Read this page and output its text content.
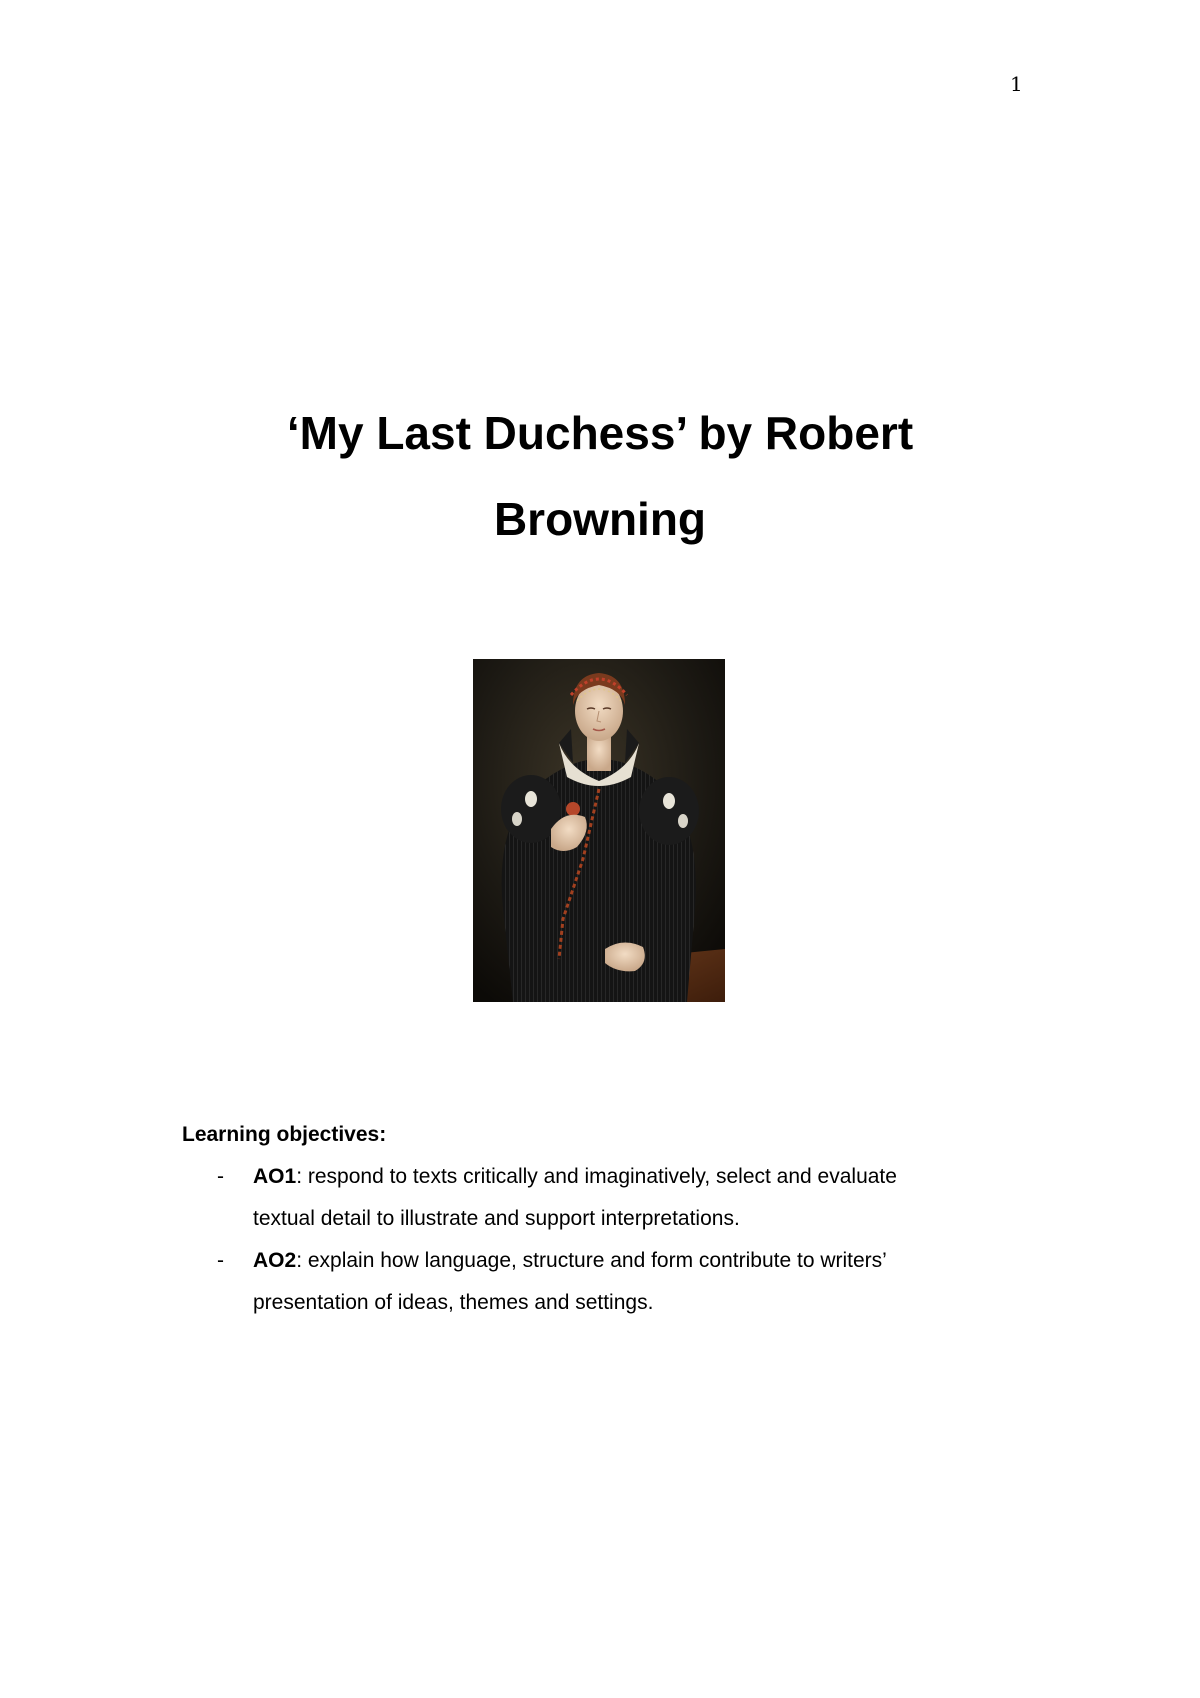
1
‘My Last Duchess’ by Robert
Browning
Learning objectives:
- AO1: respond to texts critically and imaginatively, select and evaluate textual detail to illustrate and support interpretations.
- AO2: explain how language, structure and form contribute to writers’ presentation of ideas, themes and settings.
